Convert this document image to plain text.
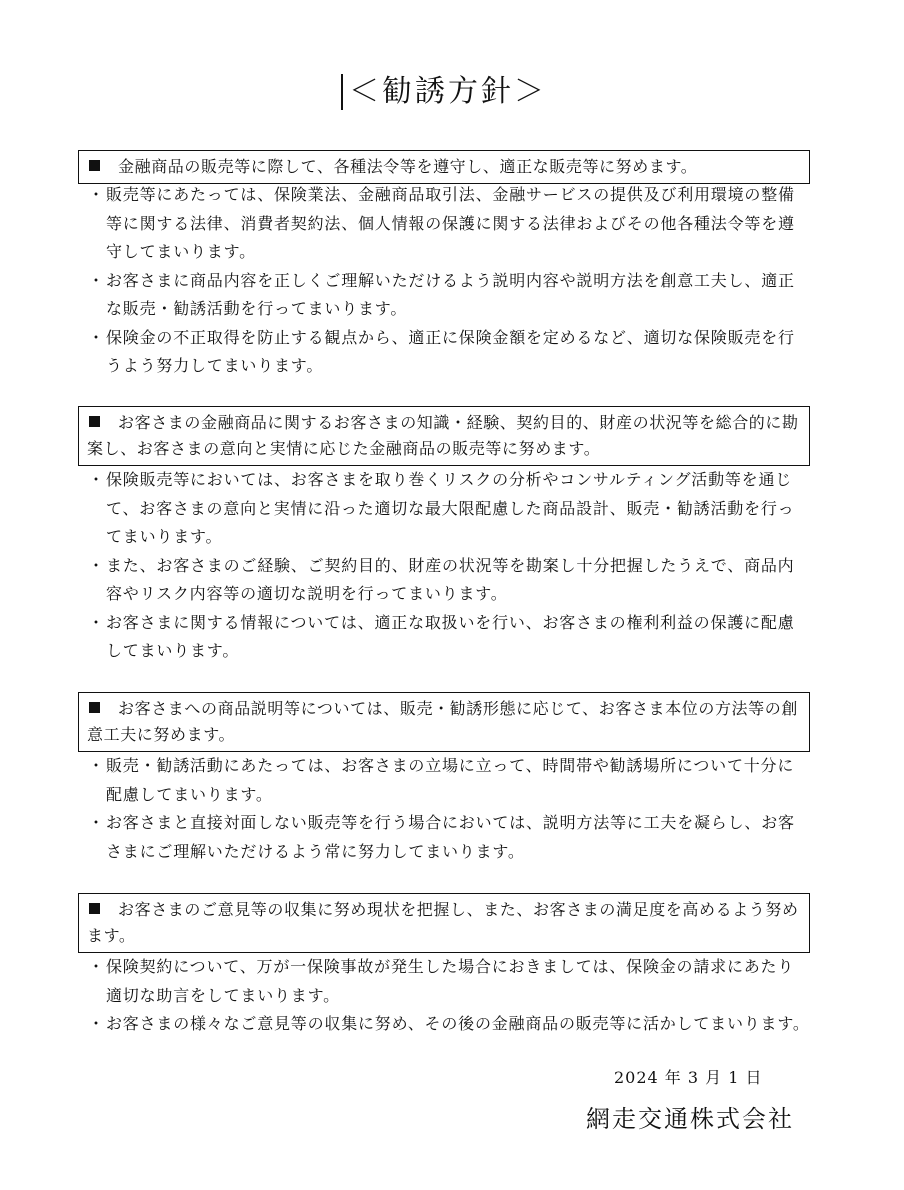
＜勧誘方針＞
金融商品の販売等に際して、各種法令等を遵守し、適正な販売等に努めます。
・ 販売等にあたっては、保険業法、金融商品取引法、金融サービスの提供及び利用環境の整備等に関する法律、消費者契約法、個人情報の保護に関する法律およびその他各種法令等を遵守してまいります。
・ お客さまに商品内容を正しくご理解いただけるよう説明内容や説明方法を創意工夫し、適正な販売・勧誘活動を行ってまいります。
・ 保険金の不正取得を防止する観点から、適正に保険金額を定めるなど、適切な保険販売を行うよう努力してまいります。
お客さまの金融商品に関するお客さまの知識・経験、契約目的、財産の状況等を総合的に勘案し、お客さまの意向と実情に応じた金融商品の販売等に努めます。
・ 保険販売等においては、お客さまを取り巻くリスクの分析やコンサルティング活動等を通じて、お客さまの意向と実情に沿った適切な最大限配慮した商品設計、販売・勧誘活動を行ってまいります。
・ また、お客さまのご経験、ご契約目的、財産の状況等を勘案し十分把握したうえで、商品内容やリスク内容等の適切な説明を行ってまいります。
・ お客さまに関する情報については、適正な取扱いを行い、お客さまの権利利益の保護に配慮してまいります。
お客さまへの商品説明等については、販売・勧誘形態に応じて、お客さま本位の方法等の創意工夫に努めます。
・ 販売・勧誘活動にあたっては、お客さまの立場に立って、時間帯や勧誘場所について十分に配慮してまいります。
・ お客さまと直接対面しない販売等を行う場合においては、説明方法等に工夫を凝らし、お客さまにご理解いただけるよう常に努力してまいります。
お客さまのご意見等の収集に努め現状を把握し、また、お客さまの満足度を高めるよう努めます。
・ 保険契約について、万が一保険事故が発生した場合におきましては、保険金の請求にあたり適切な助言をしてまいります。
・ お客さまの様々なご意見等の収集に努め、その後の金融商品の販売等に活かしてまいります。
2024 年 3 月 1 日
網走交通株式会社
